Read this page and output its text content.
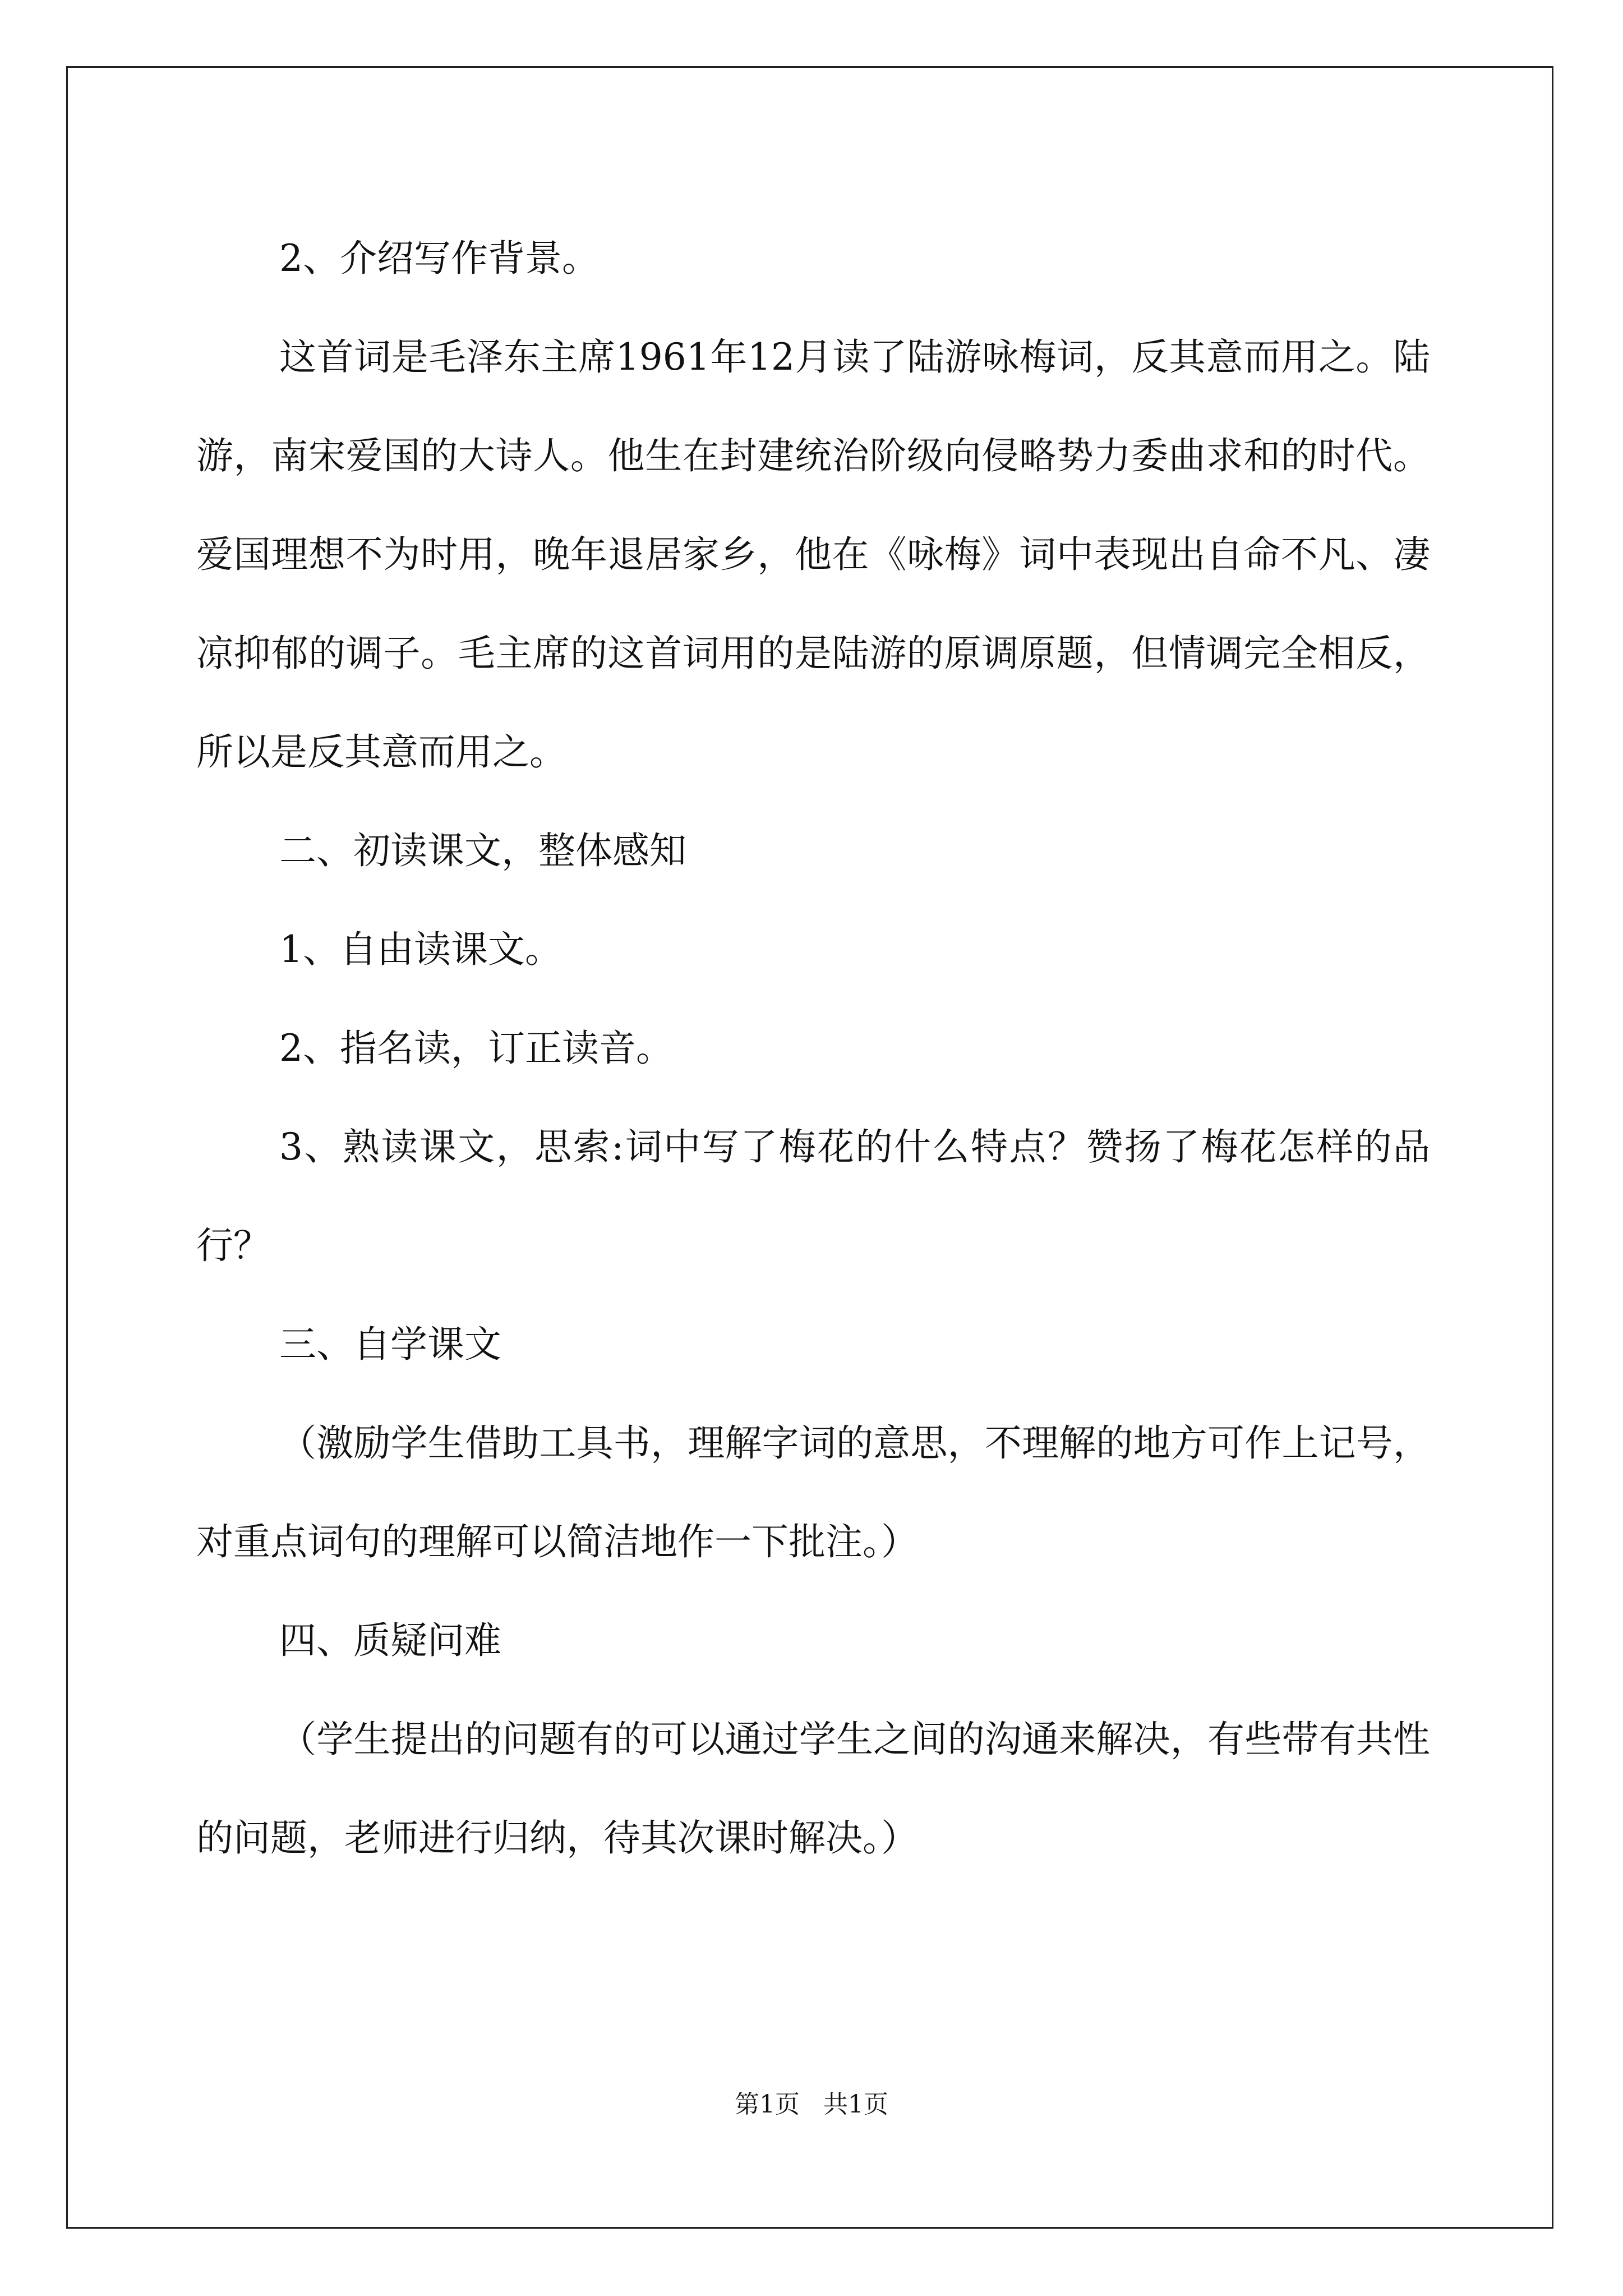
2、介绍写作背景。

这首词是毛泽东主席1961年12月读了陆游咏梅词，反其意而用之。陆游，南宋爱国的大诗人。他生在封建统治阶级向侵略势力委曲求和的时代。爱国理想不为时用，晚年退居家乡，他在《咏梅》词中表现出自命不凡、凄凉抑郁的调子。毛主席的这首词用的是陆游的原调原题，但情调完全相反，所以是反其意而用之。

二、初读课文，整体感知

1、自由读课文。

2、指名读，订正读音。

3、熟读课文，思索:词中写了梅花的什么特点？赞扬了梅花怎样的品行？

三、自学课文

（激励学生借助工具书，理解字词的意思，不理解的地方可作上记号，对重点词句的理解可以简洁地作一下批注。）

四、质疑问难

（学生提出的问题有的可以通过学生之间的沟通来解决，有些带有共性的问题，老师进行归纳，待其次课时解决。）

第1页 共1页
